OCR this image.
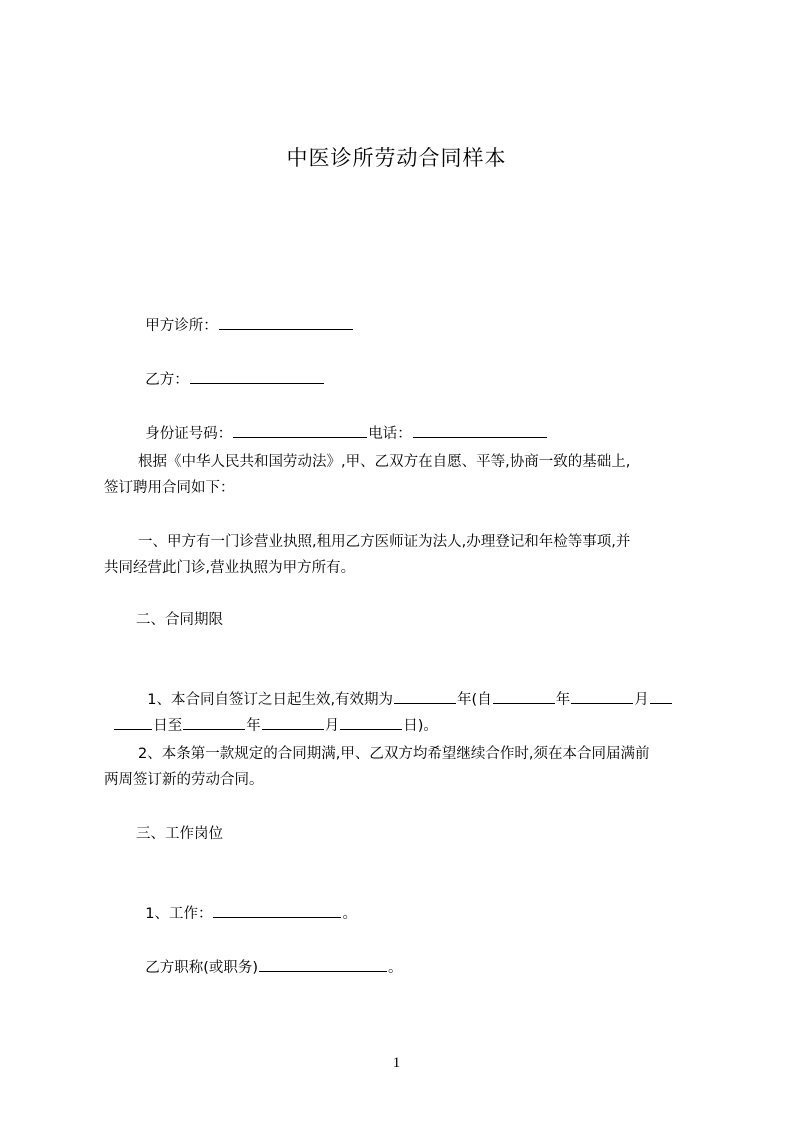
中医诊所劳动合同样本

甲方诊所：

乙方：

身份证号码：	电话：

根据《中华人民共和国劳动法》,甲、乙双方在自愿、平等,协商一致的基础上,
签订聘用合同如下：
一、甲方有一门诊营业执照,租用乙方医师证为法人,办理登记和年检等事项,并
共同经营此门诊,营业执照为甲方所有。
二、合同期限

1、本合同自签订之日起生效,有效期为	年(自	年	月

日至	年	月	日)。

2、本条第一款规定的合同期满,甲、乙双方均希望继续合作时,须在本合同届满前
两周签订新的劳动合同。
三、工作岗位

1、工作：	。

乙方职称(或职务)	。

1
